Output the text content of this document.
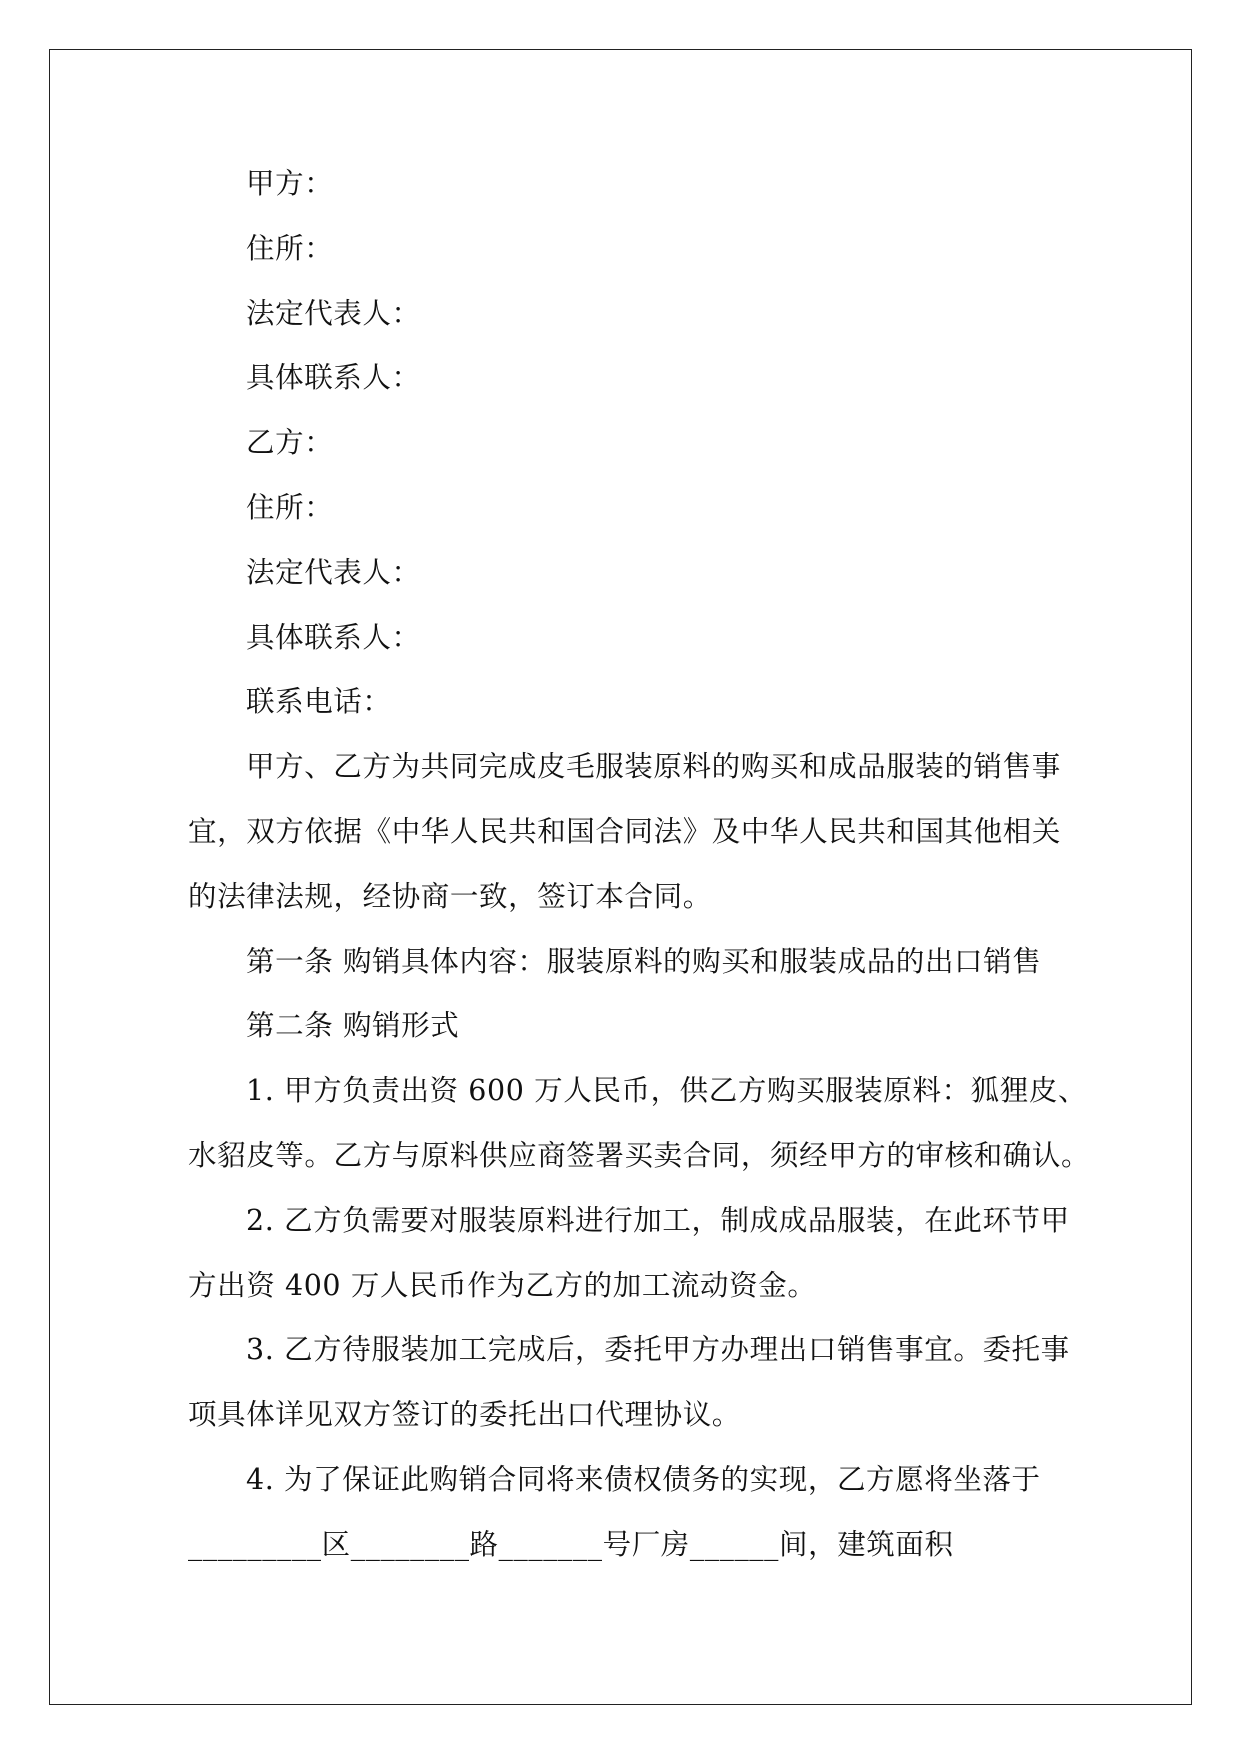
甲方：
住所：
法定代表人：
具体联系人：
乙方：
住所：
法定代表人：
具体联系人：
联系电话：
甲方、乙方为共同完成皮毛服装原料的购买和成品服装的销售事
宜，双方依据《中华人民共和国合同法》及中华人民共和国其他相关
的法律法规，经协商一致，签订本合同。
第一条 购销具体内容：服装原料的购买和服装成品的出口销售
第二条 购销形式
1. 甲方负责出资 600 万人民币，供乙方购买服装原料：狐狸皮、
水貂皮等。乙方与原料供应商签署买卖合同，须经甲方的审核和确认。
2. 乙方负需要对服装原料进行加工，制成成品服装，在此环节甲
方出资 400 万人民币作为乙方的加工流动资金。
3. 乙方待服装加工完成后，委托甲方办理出口销售事宜。委托事
项具体详见双方签订的委托出口代理协议。
4. 为了保证此购销合同将来债权债务的实现，乙方愿将坐落于
_________区________路_______号厂房______间，建筑面积
